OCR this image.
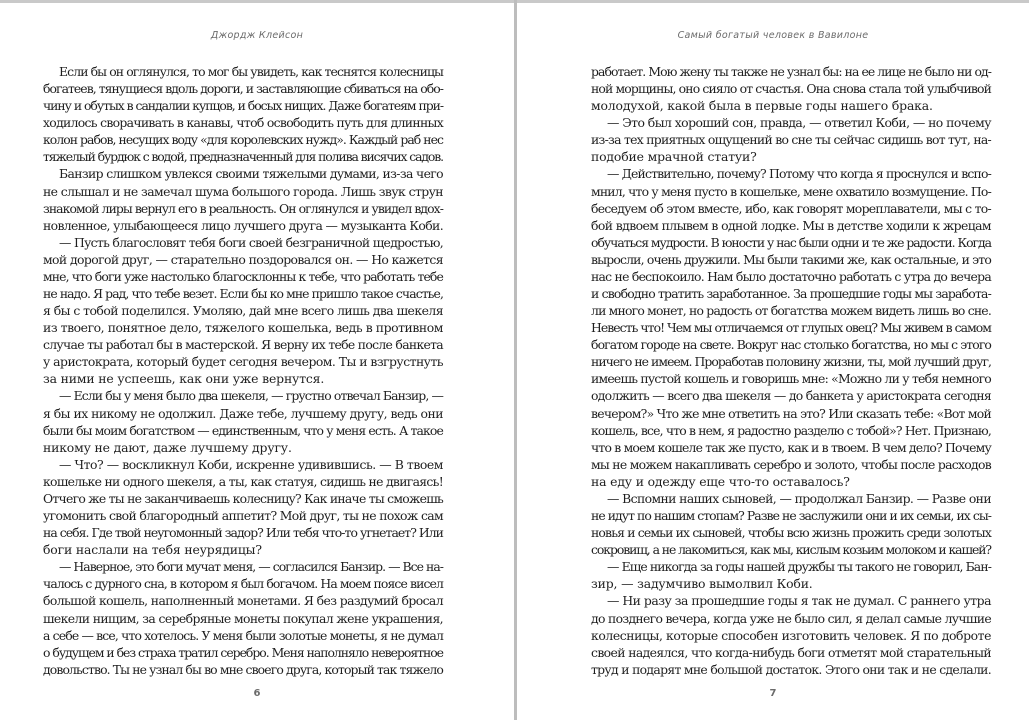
Джордж Клейсон
Если бы он оглянулся, то мог бы увидеть, как теснятся колесницы
богатеев, тянущиеся вдоль дороги, и заставляющие сбиваться на обо-
чину и обутых в сандалии купцов, и босых нищих. Даже богатеям при-
ходилось сворачивать в канавы, чтоб освободить путь для длинных
колон рабов, несущих воду «для королевских нужд». Каждый раб нес
тяжелый бурдюк с водой, предназначенный для полива висячих садов.
Банзир слишком увлекся своими тяжелыми думами, из-за чего
не слышал и не замечал шума большого города. Лишь звук струн
знакомой лиры вернул его в реальность. Он оглянулся и увидел вдох-
новленное, улыбающееся лицо лучшего друга — музыканта Коби.
— Пусть благословят тебя боги своей безграничной щедростью,
мой дорогой друг, — старательно поздоровался он. — Но кажется
мне, что боги уже настолько благосклонны к тебе, что работать тебе
не надо. Я рад, что тебе везет. Если бы ко мне пришло такое счастье,
я бы с тобой поделился. Умоляю, дай мне всего лишь два шекеля
из твоего, понятное дело, тяжелого кошелька, ведь в противном
случае ты работал бы в мастерской. Я верну их тебе после банкета
у аристократа, который будет сегодня вечером. Ты и взгрустнуть
за ними не успеешь, как они уже вернутся.
— Если бы у меня было два шекеля, — грустно отвечал Банзир, —
я бы их никому не одолжил. Даже тебе, лучшему другу, ведь они
были бы моим богатством — единственным, что у меня есть. А такое
никому не дают, даже лучшему другу.
— Что? — воскликнул Коби, искренне удивившись. — В твоем
кошельке ни одного шекеля, а ты, как статуя, сидишь не двигаясь!
Отчего же ты не заканчиваешь колесницу? Как иначе ты сможешь
угомонить свой благородный аппетит? Мой друг, ты не похож сам
на себя. Где твой неугомонный задор? Или тебя что-то угнетает? Или
боги наслали на тебя неурядицы?
— Наверное, это боги мучат меня, — согласился Банзир. — Все на-
чалось с дурного сна, в котором я был богачом. На моем поясе висел
большой кошель, наполненный монетами. Я без раздумий бросал
шекели нищим, за серебряные монеты покупал жене украшения,
а себе — все, что хотелось. У меня были золотые монеты, я не думал
о будущем и без страха тратил серебро. Меня наполняло невероятное
довольство. Ты не узнал бы во мне своего друга, который так тяжело
6
Самый богатый человек в Вавилоне
работает. Мою жену ты также не узнал бы: на ее лице не было ни од-
ной морщины, оно сияло от счастья. Она снова стала той улыбчивой
молодухой, какой была в первые годы нашего брака.
— Это был хороший сон, правда, — ответил Коби, — но почему
из-за тех приятных ощущений во сне ты сейчас сидишь вот тут, на-
подобие мрачной статуи?
— Действительно, почему? Потому что когда я проснулся и вспо-
мнил, что у меня пусто в кошельке, мене охватило возмущение. По-
беседуем об этом вместе, ибо, как говорят мореплаватели, мы с то-
бой вдвоем плывем в одной лодке. Мы в детстве ходили к жрецам
обучаться мудрости. В юности у нас были одни и те же радости. Когда
выросли, очень дружили. Мы были такими же, как остальные, и это
нас не беспокоило. Нам было достаточно работать с утра до вечера
и свободно тратить заработанное. За прошедшие годы мы заработа-
ли много монет, но радость от богатства можем видеть лишь во сне.
Невесть что! Чем мы отличаемся от глупых овец? Мы живем в самом
богатом городе на свете. Вокруг нас столько богатства, но мы с этого
ничего не имеем. Проработав половину жизни, ты, мой лучший друг,
имеешь пустой кошель и говоришь мне: «Можно ли у тебя немного
одолжить — всего два шекеля — до банкета у аристократа сегодня
вечером?» Что же мне ответить на это? Или сказать тебе: «Вот мой
кошель, все, что в нем, я радостно разделю с тобой»? Нет. Признаю,
что в моем кошеле так же пусто, как и в твоем. В чем дело? Почему
мы не можем накапливать серебро и золото, чтобы после расходов
на еду и одежду еще что-то оставалось?
— Вспомни наших сыновей, — продолжал Банзир. — Разве они
не идут по нашим стопам? Разве не заслужили они и их семьи, их сы-
новья и семьи их сыновей, чтобы всю жизнь прожить среди золотых
сокровищ, а не лакомиться, как мы, кислым козьим молоком и кашей?
— Еще никогда за годы нашей дружбы ты такого не говорил, Бан-
зир, — задумчиво вымолвил Коби.
— Ни разу за прошедшие годы я так не думал. С раннего утра
до позднего вечера, когда уже не было сил, я делал самые лучшие
колесницы, которые способен изготовить человек. Я по доброте
своей надеялся, что когда-нибудь боги отметят мой старательный
труд и подарят мне большой достаток. Этого они так и не сделали.
7
